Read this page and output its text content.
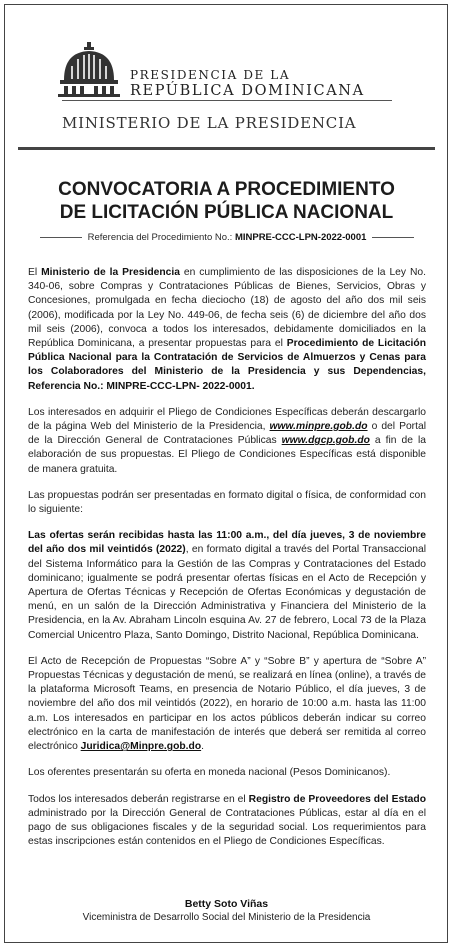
PRESIDENCIA DE LA
REPÚBLICA DOMINICANA
MINISTERIO DE LA PRESIDENCIA
CONVOCATORIA A PROCEDIMIENTO
DE LICITACIÓN PÚBLICA NACIONAL
Referencia del Procedimiento No.: MINPRE-CCC-LPN-2022-0001

El Ministerio de la Presidencia en cumplimiento de las disposiciones de la Ley No. 340-06, sobre Compras y Contrataciones Públicas de Bienes, Servicios, Obras y Concesiones, promulgada en fecha dieciocho (18) de agosto del año dos mil seis (2006), modificada por la Ley No. 449-06, de fecha seis (6) de diciembre del año dos mil seis (2006), convoca a todos los interesados, debidamente domiciliados en la República Dominicana, a presentar propuestas para el Procedimiento de Licitación Pública Nacional para la Contratación de Servicios de Almuerzos y Cenas para los Colaboradores del Ministerio de la Presidencia y sus Dependencias, Referencia No.: MINPRE-CCC-LPN- 2022-0001.

Los interesados en adquirir el Pliego de Condiciones Específicas deberán descargarlo de la página Web del Ministerio de la Presidencia, www.minpre.gob.do o del Portal de la Dirección General de Contrataciones Públicas www.dgcp.gob.do a fin de la elaboración de sus propuestas. El Pliego de Condiciones Específicas está disponible de manera gratuita.

Las propuestas podrán ser presentadas en formato digital o física, de conformidad con lo siguiente:

Las ofertas serán recibidas hasta las 11:00 a.m., del día jueves, 3 de noviembre del año dos mil veintidós (2022), en formato digital a través del Portal Transaccional del Sistema Informático para la Gestión de las Compras y Contrataciones del Estado dominicano; igualmente se podrá presentar ofertas físicas en el Acto de Recepción y Apertura de Ofertas Técnicas y Recepción de Ofertas Económicas y degustación de menú, en un salón de la Dirección Administrativa y Financiera del Ministerio de la Presidencia, en la Av. Abraham Lincoln esquina Av. 27 de febrero, Local 73 de la Plaza Comercial Unicentro Plaza, Santo Domingo, Distrito Nacional, República Dominicana.

El Acto de Recepción de Propuestas “Sobre A” y “Sobre B” y apertura de “Sobre A” Propuestas Técnicas y degustación de menú, se realizará en línea (online), a través de la plataforma Microsoft Teams, en presencia de Notario Público, el día jueves, 3 de noviembre del año dos mil veintidós (2022), en horario de 10:00 a.m. hasta las 11:00 a.m. Los interesados en participar en los actos públicos deberán indicar su correo electrónico en la carta de manifestación de interés que deberá ser remitida al correo electrónico Juridica@Minpre.gob.do.

Los oferentes presentarán su oferta en moneda nacional (Pesos Dominicanos).

Todos los interesados deberán registrarse en el Registro de Proveedores del Estado administrado por la Dirección General de Contrataciones Públicas, estar al día en el pago de sus obligaciones fiscales y de la seguridad social. Los requerimientos para estas inscripciones están contenidos en el Pliego de Condiciones Específicas.

Betty Soto Viñas
Viceministra de Desarrollo Social del Ministerio de la Presidencia
